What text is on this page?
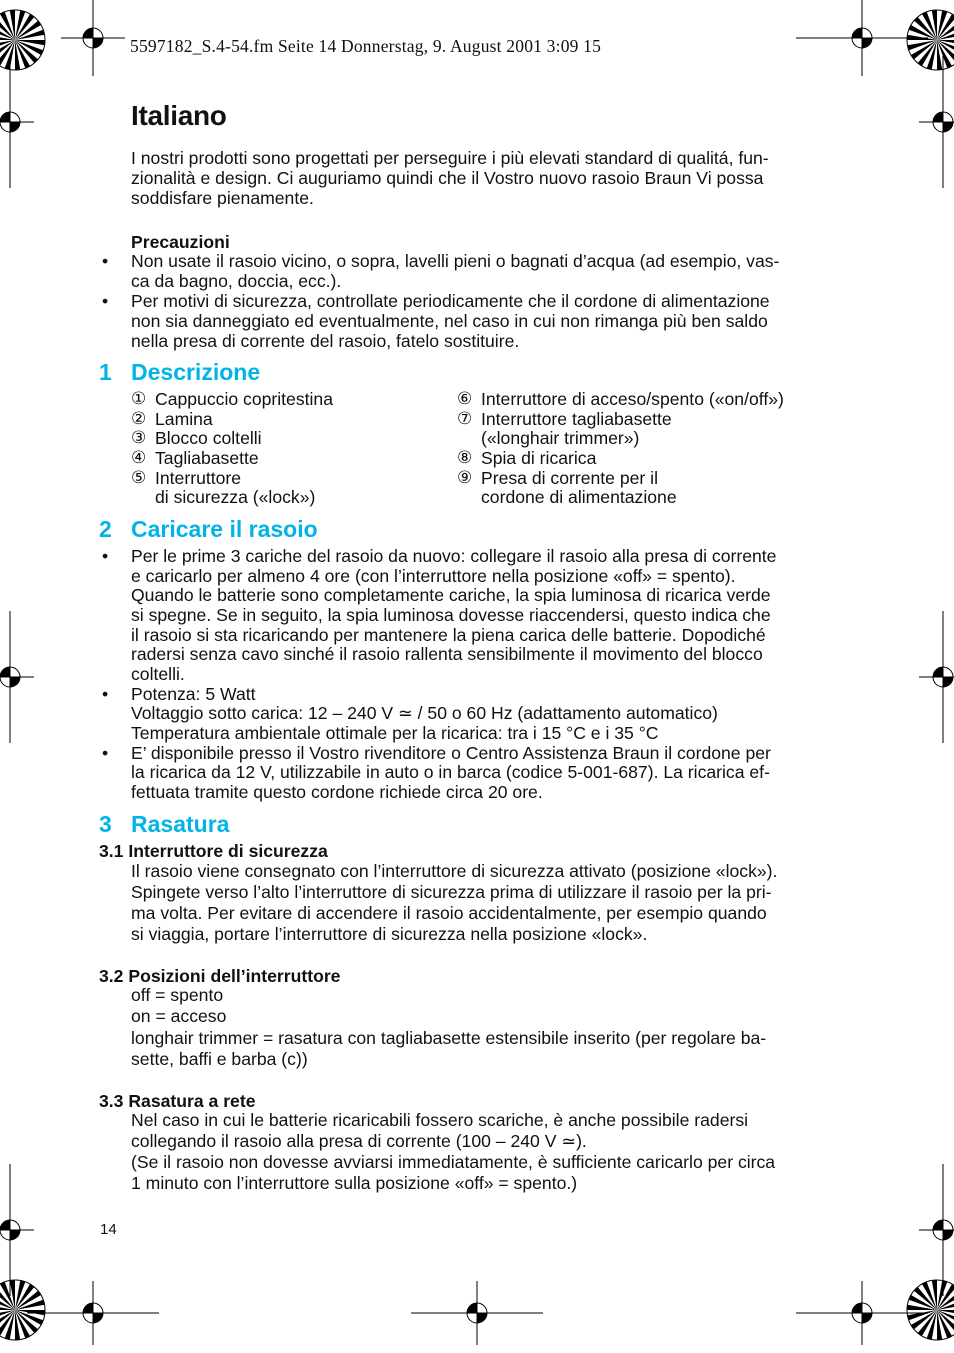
5597182_S.4-54.fm Seite 14 Donnerstag, 9. August 2001 3:09 15
Italiano
I nostri prodotti sono progettati per perseguire i più elevati standard di qualitá, fun-
zionalità e design. Ci auguriamo quindi che il Vostro nuovo rasoio Braun Vi possa
soddisfare pienamente.
Precauzioni
• Non usate il rasoio vicino, o sopra, lavelli pieni o bagnati d’acqua (ad esempio, vas-
ca da bagno, doccia, ecc.).
• Per motivi di sicurezza, controllate periodicamente che il cordone di alimentazione
non sia danneggiato ed eventualmente, nel caso in cui non rimanga più ben saldo
nella presa di corrente del rasoio, fatelo sostituire.
1 Descrizione
① Cappuccio copritestina
② Lamina
③ Blocco coltelli
④ Tagliabasette
⑤ Interruttore
di sicurezza («lock»)
⑥ Interruttore di acceso/spento («on/off»)
⑦ Interruttore tagliabasette
(«longhair trimmer»)
⑧ Spia di ricarica
⑨ Presa di corrente per il
cordone di alimentazione
2 Caricare il rasoio
• Per le prime 3 cariche del rasoio da nuovo: collegare il rasoio alla presa di corrente
e caricarlo per almeno 4 ore (con l’interruttore nella posizione «off» = spento).
Quando le batterie sono completamente cariche, la spia luminosa di ricarica verde
si spegne. Se in seguito, la spia luminosa dovesse riaccendersi, questo indica che
il rasoio si sta ricaricando per mantenere la piena carica delle batterie. Dopodiché
radersi senza cavo sinché il rasoio rallenta sensibilmente il movimento del blocco
coltelli.
• Potenza: 5 Watt
Voltaggio sotto carica: 12 – 240 V ≃ / 50 o 60 Hz (adattamento automatico)
Temperatura ambientale ottimale per la ricarica: tra i 15 °C e i 35 °C
• E’ disponibile presso il Vostro rivenditore o Centro Assistenza Braun il cordone per
la ricarica da 12 V, utilizzabile in auto o in barca (codice 5-001-687). La ricarica ef-
fettuata tramite questo cordone richiede circa 20 ore.
3 Rasatura
3.1 Interruttore di sicurezza
Il rasoio viene consegnato con l’interruttore di sicurezza attivato (posizione «lock»).
Spingete verso l’alto l’interruttore di sicurezza prima di utilizzare il rasoio per la pri-
ma volta. Per evitare di accendere il rasoio accidentalmente, per esempio quando
si viaggia, portare l’interruttore di sicurezza nella posizione «lock».
3.2 Posizioni dell’interruttore
off = spento
on = acceso
longhair trimmer = rasatura con tagliabasette estensibile inserito (per regolare ba-
sette, baffi e barba (c))
3.3 Rasatura a rete
Nel caso in cui le batterie ricaricabili fossero scariche, è anche possibile radersi
collegando il rasoio alla presa di corrente (100 – 240 V ≃).
(Se il rasoio non dovesse avviarsi immediatamente, è sufficiente caricarlo per circa
1 minuto con l’interruttore sulla posizione «off» = spento.)
14
